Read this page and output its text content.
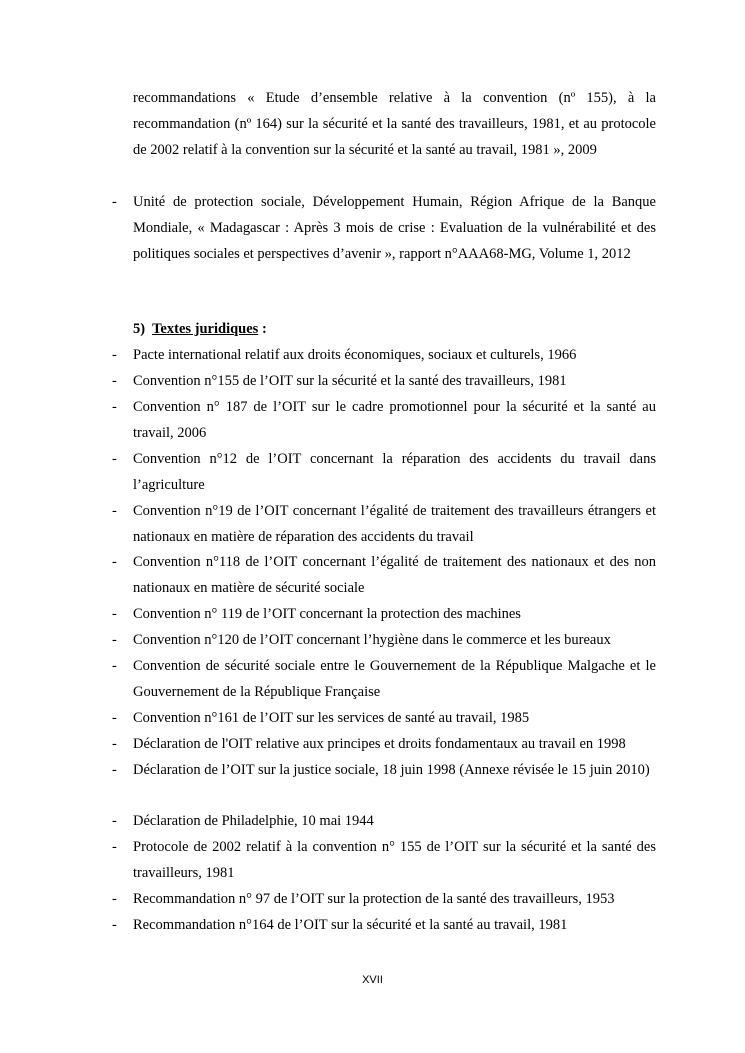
recommandations « Etude d’ensemble relative à la convention (nº 155), à la recommandation (nº 164) sur la sécurité et la santé des travailleurs, 1981, et au protocole de 2002 relatif à la convention sur la sécurité et la santé au travail, 1981 », 2009
- Unité de protection sociale, Développement Humain, Région Afrique de la Banque Mondiale, « Madagascar : Après 3 mois de crise : Evaluation de la vulnérabilité et des politiques sociales et perspectives d’avenir », rapport n°AAA68-MG, Volume 1, 2012
5) Textes juridiques :
- Pacte international relatif aux droits économiques, sociaux et culturels, 1966
- Convention n°155 de l’OIT sur la sécurité et la santé des travailleurs, 1981
- Convention n° 187 de l’OIT sur le cadre promotionnel pour la sécurité et la santé au travail, 2006
- Convention n°12 de l’OIT concernant la réparation des accidents du travail dans l’agriculture
- Convention n°19 de l’OIT concernant l’égalité de traitement des travailleurs étrangers et nationaux en matière de réparation des accidents du travail
- Convention n°118 de l’OIT concernant l’égalité de traitement des nationaux et des non nationaux en matière de sécurité sociale
- Convention n° 119 de l’OIT concernant la protection des machines
- Convention n°120 de l’OIT concernant l’hygiène dans le commerce et les bureaux
- Convention de sécurité sociale entre le Gouvernement de la République Malgache et le Gouvernement de la République Française
- Convention n°161 de l’OIT sur les services de santé au travail, 1985
- Déclaration de l'OIT relative aux principes et droits fondamentaux au travail en 1998
- Déclaration de l’OIT sur la justice sociale, 18 juin 1998 (Annexe révisée le 15 juin 2010)
- Déclaration de Philadelphie, 10 mai 1944
- Protocole de 2002 relatif à la convention n° 155 de l’OIT sur la sécurité et la santé des travailleurs, 1981
- Recommandation n° 97 de l’OIT sur la protection de la santé des travailleurs, 1953
- Recommandation n°164 de l’OIT sur la sécurité et la santé au travail, 1981
XVII
